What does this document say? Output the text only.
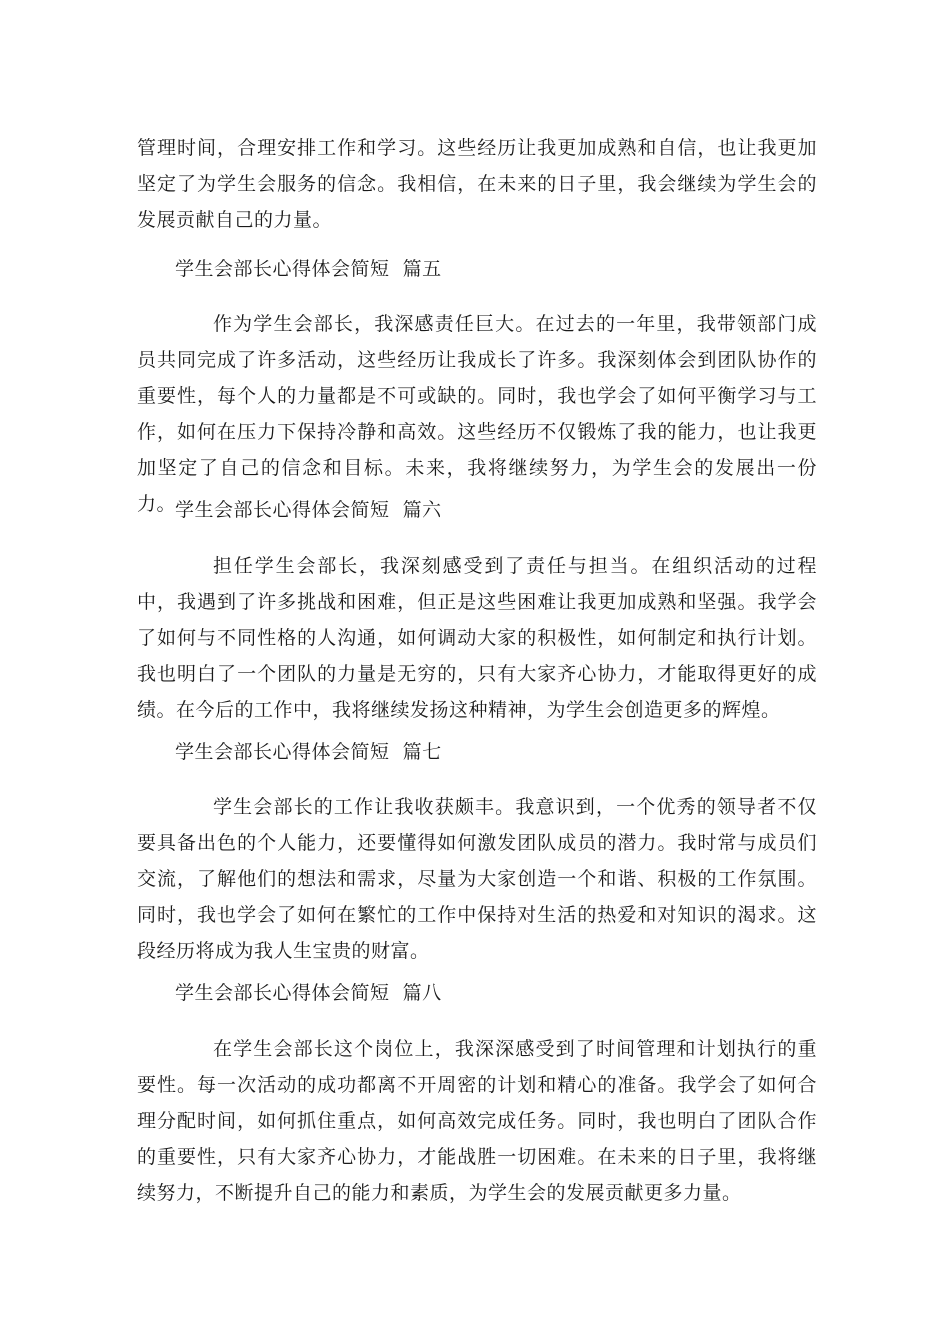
管理时间，合理安排工作和学习。这些经历让我更加成熟和自信，也让我更加坚定了为学生会服务的信念。我相信，在未来的日子里，我会继续为学生会的发展贡献自己的力量。

学生会部长心得体会简短  篇五

作为学生会部长，我深感责任巨大。在过去的一年里，我带领部门成员共同完成了许多活动，这些经历让我成长了许多。我深刻体会到团队协作的重要性，每个人的力量都是不可或缺的。同时，我也学会了如何平衡学习与工作，如何在压力下保持冷静和高效。这些经历不仅锻炼了我的能力，也让我更加坚定了自己的信念和目标。未来，我将继续努力，为学生会的发展出一份力。

学生会部长心得体会简短  篇六

担任学生会部长，我深刻感受到了责任与担当。在组织活动的过程中，我遇到了许多挑战和困难，但正是这些困难让我更加成熟和坚强。我学会了如何与不同性格的人沟通，如何调动大家的积极性，如何制定和执行计划。我也明白了一个团队的力量是无穷的，只有大家齐心协力，才能取得更好的成绩。在今后的工作中，我将继续发扬这种精神，为学生会创造更多的辉煌。

学生会部长心得体会简短  篇七

学生会部长的工作让我收获颇丰。我意识到，一个优秀的领导者不仅要具备出色的个人能力，还要懂得如何激发团队成员的潜力。我时常与成员们交流，了解他们的想法和需求，尽量为大家创造一个和谐、积极的工作氛围。同时，我也学会了如何在繁忙的工作中保持对生活的热爱和对知识的渴求。这段经历将成为我人生宝贵的财富。

学生会部长心得体会简短  篇八

在学生会部长这个岗位上，我深深感受到了时间管理和计划执行的重要性。每一次活动的成功都离不开周密的计划和精心的准备。我学会了如何合理分配时间，如何抓住重点，如何高效完成任务。同时，我也明白了团队合作的重要性，只有大家齐心协力，才能战胜一切困难。在未来的日子里，我将继续努力，不断提升自己的能力和素质，为学生会的发展贡献更多力量。
